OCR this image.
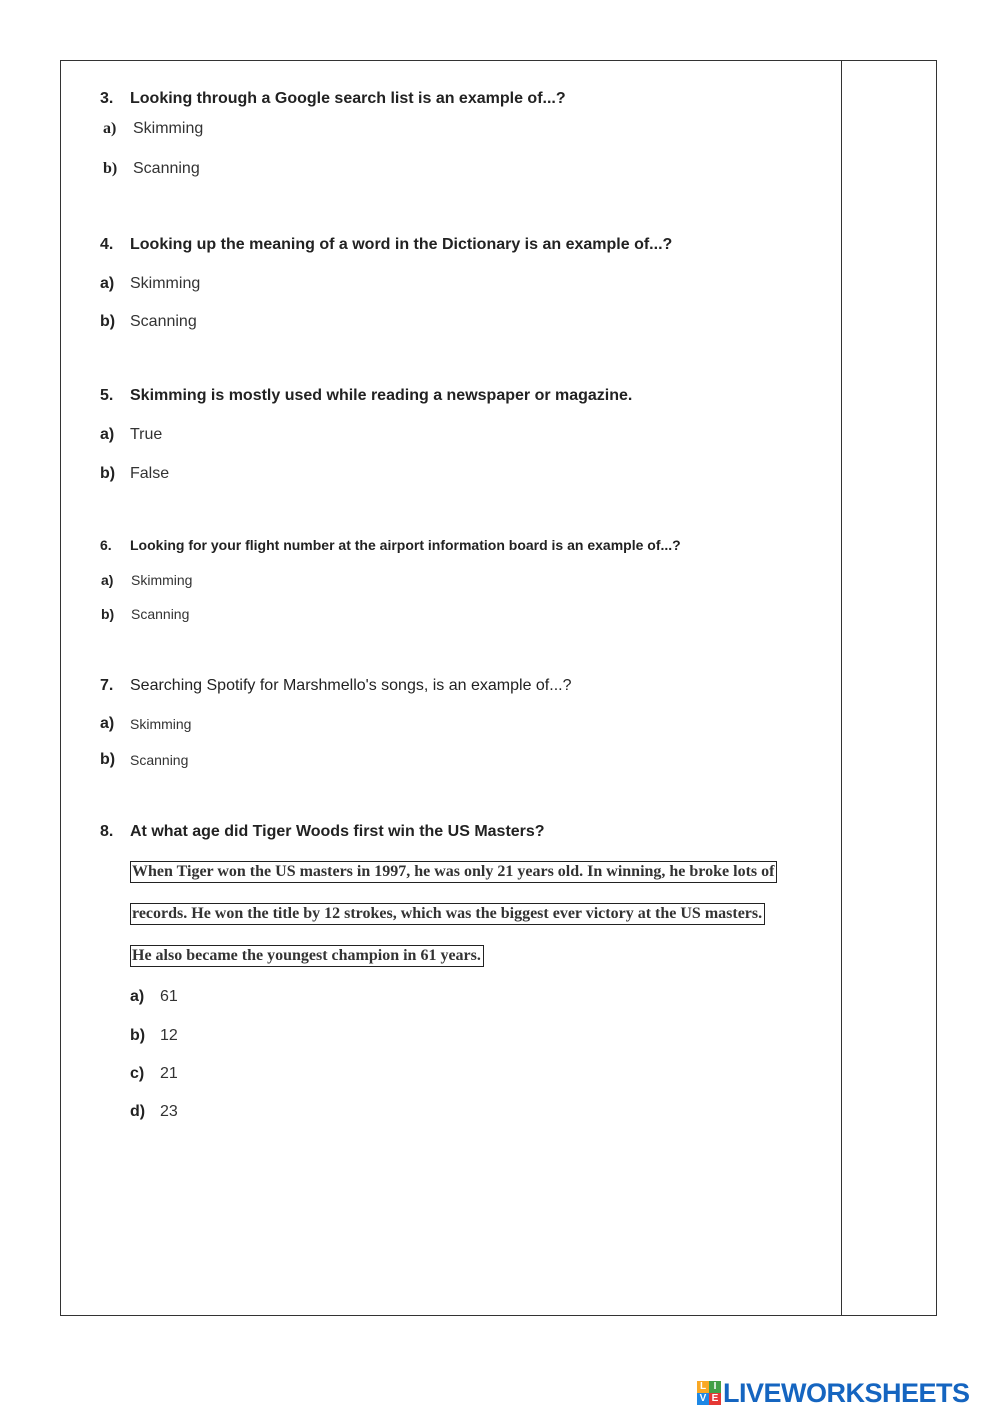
3. Looking through a Google search list is an example of...?
a) Skimming
b) Scanning
4. Looking up the meaning of a word in the Dictionary is an example of...?
a) Skimming
b) Scanning
5. Skimming is mostly used while reading a newspaper or magazine.
a) True
b) False
6. Looking for your flight number at the airport information board is an example of...?
a) Skimming
b) Scanning
7. Searching Spotify for Marshmello's songs, is an example of...?
a) Skimming
b) Scanning
8. At what age did Tiger Woods first win the US Masters?
When Tiger won the US masters in 1997, he was only 21 years old. In winning, he broke lots of
records. He won the title by 12 strokes, which was the biggest ever victory at the US masters.
He also became the youngest champion in 61 years.
a) 61
b) 12
c) 21
d) 23
L I
V E LIVEWORKSHEETS
